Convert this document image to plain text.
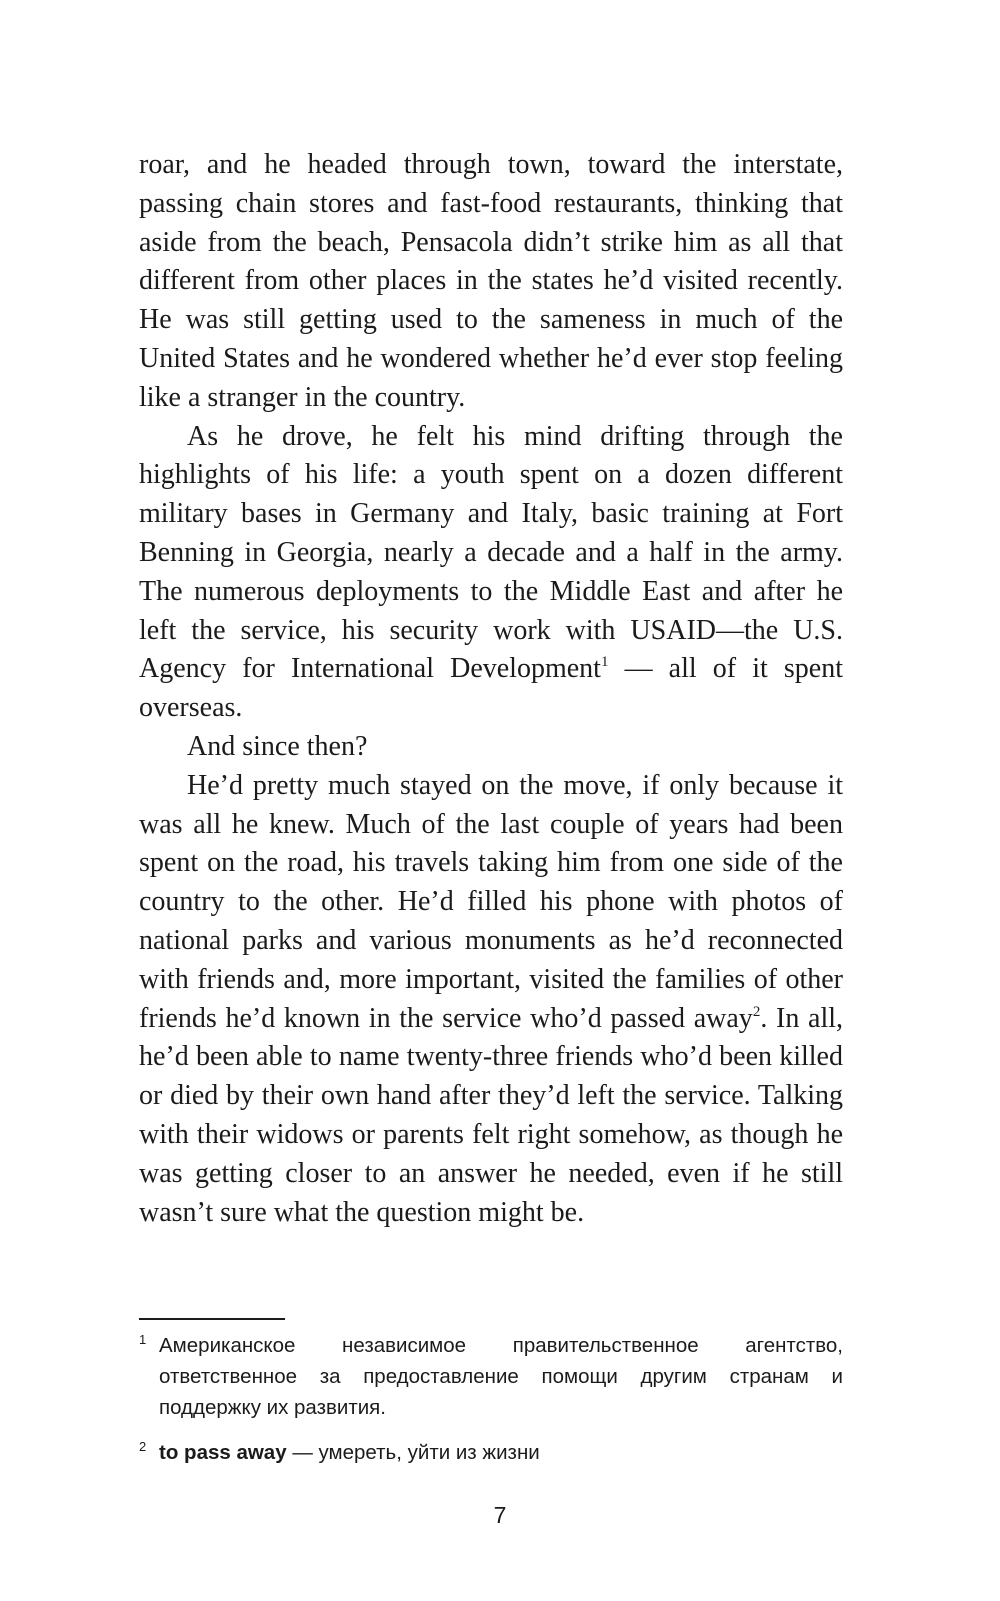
roar, and he headed through town, toward the interstate, passing chain stores and fast-food restaurants, thinking that aside from the beach, Pensacola didn’t strike him as all that different from other places in the states he’d visited recently. He was still getting used to the sameness in much of the United States and he wondered whether he’d ever stop feeling like a stranger in the country.

As he drove, he felt his mind drifting through the highlights of his life: a youth spent on a dozen different military bases in Germany and Italy, basic training at Fort Benning in Georgia, nearly a decade and a half in the army. The numerous deployments to the Middle East and after he left the service, his security work with USAID—the U.S. Agency for International Development$^1$ — all of it spent overseas.

And since then?

He’d pretty much stayed on the move, if only because it was all he knew. Much of the last couple of years had been spent on the road, his travels taking him from one side of the country to the other. He’d filled his phone with photos of national parks and various monuments as he’d reconnected with friends and, more important, visited the families of other friends he’d known in the service who’d passed away$^2$. In all, he’d been able to name twenty-three friends who’d been killed or died by their own hand after they’d left the service. Talking with their widows or parents felt right somehow, as though he was getting closer to an answer he needed, even if he still wasn’t sure what the question might be.

1 Американское независимое правительственное агентство, ответственное за предоставление помощи другим странам и поддержку их развития.
2 to pass away — умереть, уйти из жизни
7
